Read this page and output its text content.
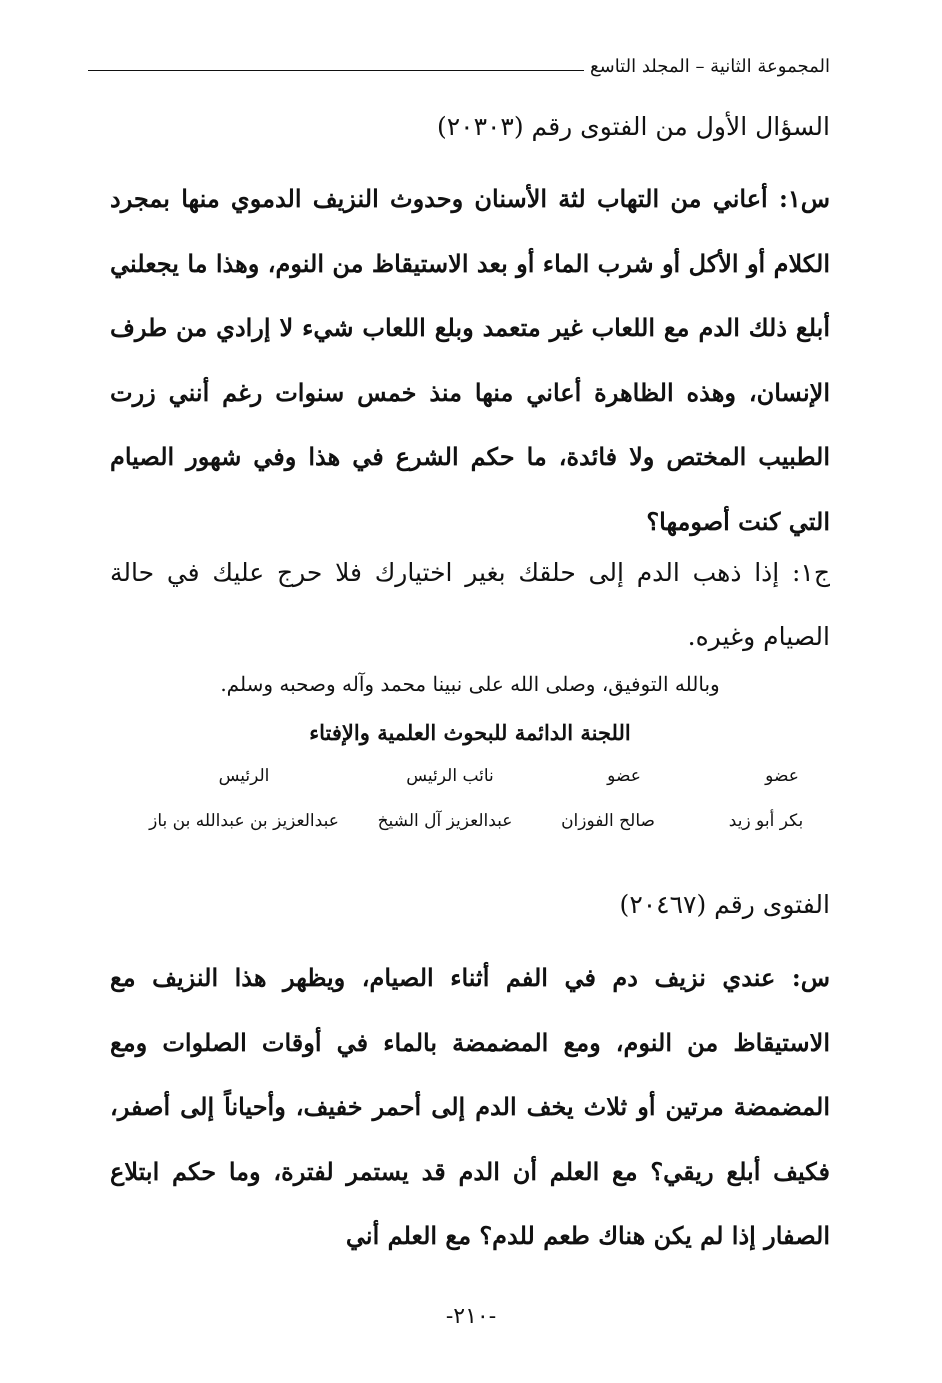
المجموعة الثانية – المجلد التاسع
السؤال الأول من الفتوى رقم (٢٠٣٠٣)
س١: أعاني من التهاب لثة الأسنان وحدوث النزيف الدموي منها بمجرد الكلام أو الأكل أو شرب الماء أو بعد الاستيقاظ من النوم، وهذا ما يجعلني أبلع ذلك الدم مع اللعاب غير متعمد وبلع اللعاب شيء لا إرادي من طرف الإنسان، وهذه الظاهرة أعاني منها منذ خمس سنوات رغم أنني زرت الطبيب المختص ولا فائدة، ما حكم الشرع في هذا وفي شهور الصيام التي كنت أصومها؟
ج١: إذا ذهب الدم إلى حلقك بغير اختيارك فلا حرج عليك في حالة الصيام وغيره.
وبالله التوفيق، وصلى الله على نبينا محمد وآله وصحبه وسلم.
اللجنة الدائمة للبحوث العلمية والإفتاء
عضو
عضو
نائب الرئيس
الرئيس
بكر أبو زيد
صالح الفوزان
عبدالعزيز آل الشيخ
عبدالعزيز بن عبدالله بن باز
الفتوى رقم (٢٠٤٦٧)
س: عندي نزيف دم في الفم أثناء الصيام، ويظهر هذا النزيف مع الاستيقاظ من النوم، ومع المضمضة بالماء في أوقات الصلوات ومع المضمضة مرتين أو ثلاث يخف الدم إلى أحمر خفيف، وأحياناً إلى أصفر، فكيف أبلع ريقي؟ مع العلم أن الدم قد يستمر لفترة، وما حكم ابتلاع الصفار إذا لم يكن هناك طعم للدم؟ مع العلم أني
-٢١٠-
